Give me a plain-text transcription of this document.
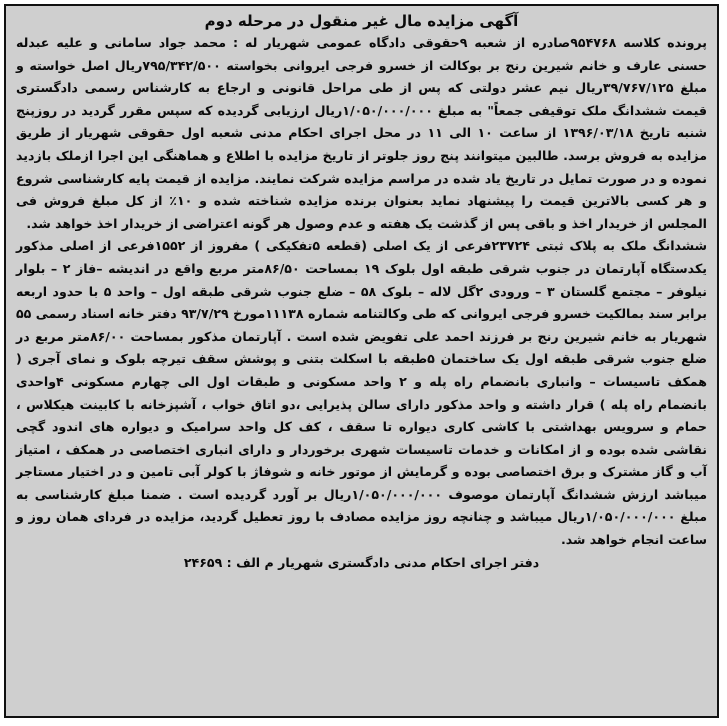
آگهی مزایده مال غیر منقول در مرحله دوم

پرونده کلاسه ۹۵۴۷۶۸صادره از شعبه ۹حقوقی دادگاه عمومی شهریار له : محمد جواد سامانی و علیه عبدله حسنی عارف و خانم شیرین رنج بر بوکالت از خسرو فرجی ایروانی بخواسته ۷۹۵/۳۴۲/۵۰۰ریال اصل خواسته و مبلغ ۳۹/۷۶۷/۱۲۵ریال نیم عشر دولتی که پس از طی مراحل قانونی و ارجاع به کارشناس رسمی دادگستری قیمت ششدانگ ملک توقیفی جمعاً" به مبلغ ۱/۰۵۰/۰۰۰/۰۰۰ریال ارزیابی گردیده که سپس مقرر گردید در روزپنج شنبه تاریخ ۱۳۹۶/۰۳/۱۸ از ساعت ۱۰ الی ۱۱ در محل اجرای احکام مدنی شعبه اول حقوقی شهریار از طریق مزایده به فروش برسد. طالبین میتوانند پنج روز جلوتر از تاریخ مزایده با اطلاع و هماهنگی این اجرا ازملک بازدید نموده و در صورت تمایل در تاریخ یاد شده در مراسم مزایده شرکت نمایند. مزایده از قیمت پایه کارشناسی شروع و هر کسی بالاترین قیمت را پیشنهاد نماید بعنوان برنده مزایده شناخته شده و ۱۰٪ از کل مبلغ فروش فی المجلس از خریدار اخذ و باقی پس از گذشت یک هفته و عدم وصول هر گونه اعتراضی از خریدار اخذ خواهد شد.

ششدانگ ملک به پلاک ثبتی ۲۳۷۲۴فرعی از یک اصلی (قطعه ۵تفکیکی ) مفروز از ۱۵۵۲فرعی از اصلی مذکور یکدستگاه آپارتمان در جنوب شرقی طبقه اول بلوک ۱۹ بمساحت ۸۶/۵۰متر مربع واقع در اندیشه –فاز ۲ – بلوار نیلوفر – مجتمع گلستان ۳ – ورودی ۲گل لاله – بلوک ۵۸ – ضلع جنوب شرقی طبقه اول – واحد ۵ با حدود اربعه برابر سند بمالکیت خسرو فرجی ایروانی که طی وکالتنامه شماره ۱۱۱۳۸مورخ ۹۳/۷/۲۹ دفتر خانه اسناد رسمی ۵۵ شهریار به خانم شیرین رنج بر فرزند احمد علی تفویض شده است . آپارتمان مذکور بمساحت ۸۶/۰۰متر مربع در ضلع جنوب شرقی طبقه اول یک ساختمان ۵طبقه با اسکلت بتنی و پوشش سقف تیرچه بلوک و نمای آجری ( همکف تاسیسات – وانباری بانضمام راه پله و ۲ واحد مسکونی و طبقات اول الی چهارم مسکونی ۴واحدی بانضمام راه پله ) قرار داشته و واحد مذکور دارای سالن پذیرایی ،دو اتاق خواب ، آشپزخانه با کابینت هیکلاس ، حمام و سرویس بهداشتی با کاشی کاری دیواره تا سقف ، کف کل واحد سرامیک و دیواره های اندود گچی نقاشی شده بوده و از امکانات و خدمات تاسیسات شهری برخوردار و دارای انباری اختصاصی در همکف ، امتیاز آب و گاز مشترک و برق اختصاصی بوده و گرمایش از موتور خانه و شوفاژ با کولر آبی تامین و در اختیار مستاجر میباشد ارزش ششدانگ آپارتمان موصوف ۱/۰۵۰/۰۰۰/۰۰۰ریال بر آورد گردیده است . ضمنا مبلغ کارشناسی به مبلغ ۱/۰۵۰/۰۰۰/۰۰۰ریال میباشد و چنانچه روز مزایده مصادف با روز تعطیل گردید، مزایده در فردای همان روز و ساعت انجام خواهد شد.

دفتر اجرای احکام مدنی دادگستری شهریار م الف : ۲۴۶۵۹
